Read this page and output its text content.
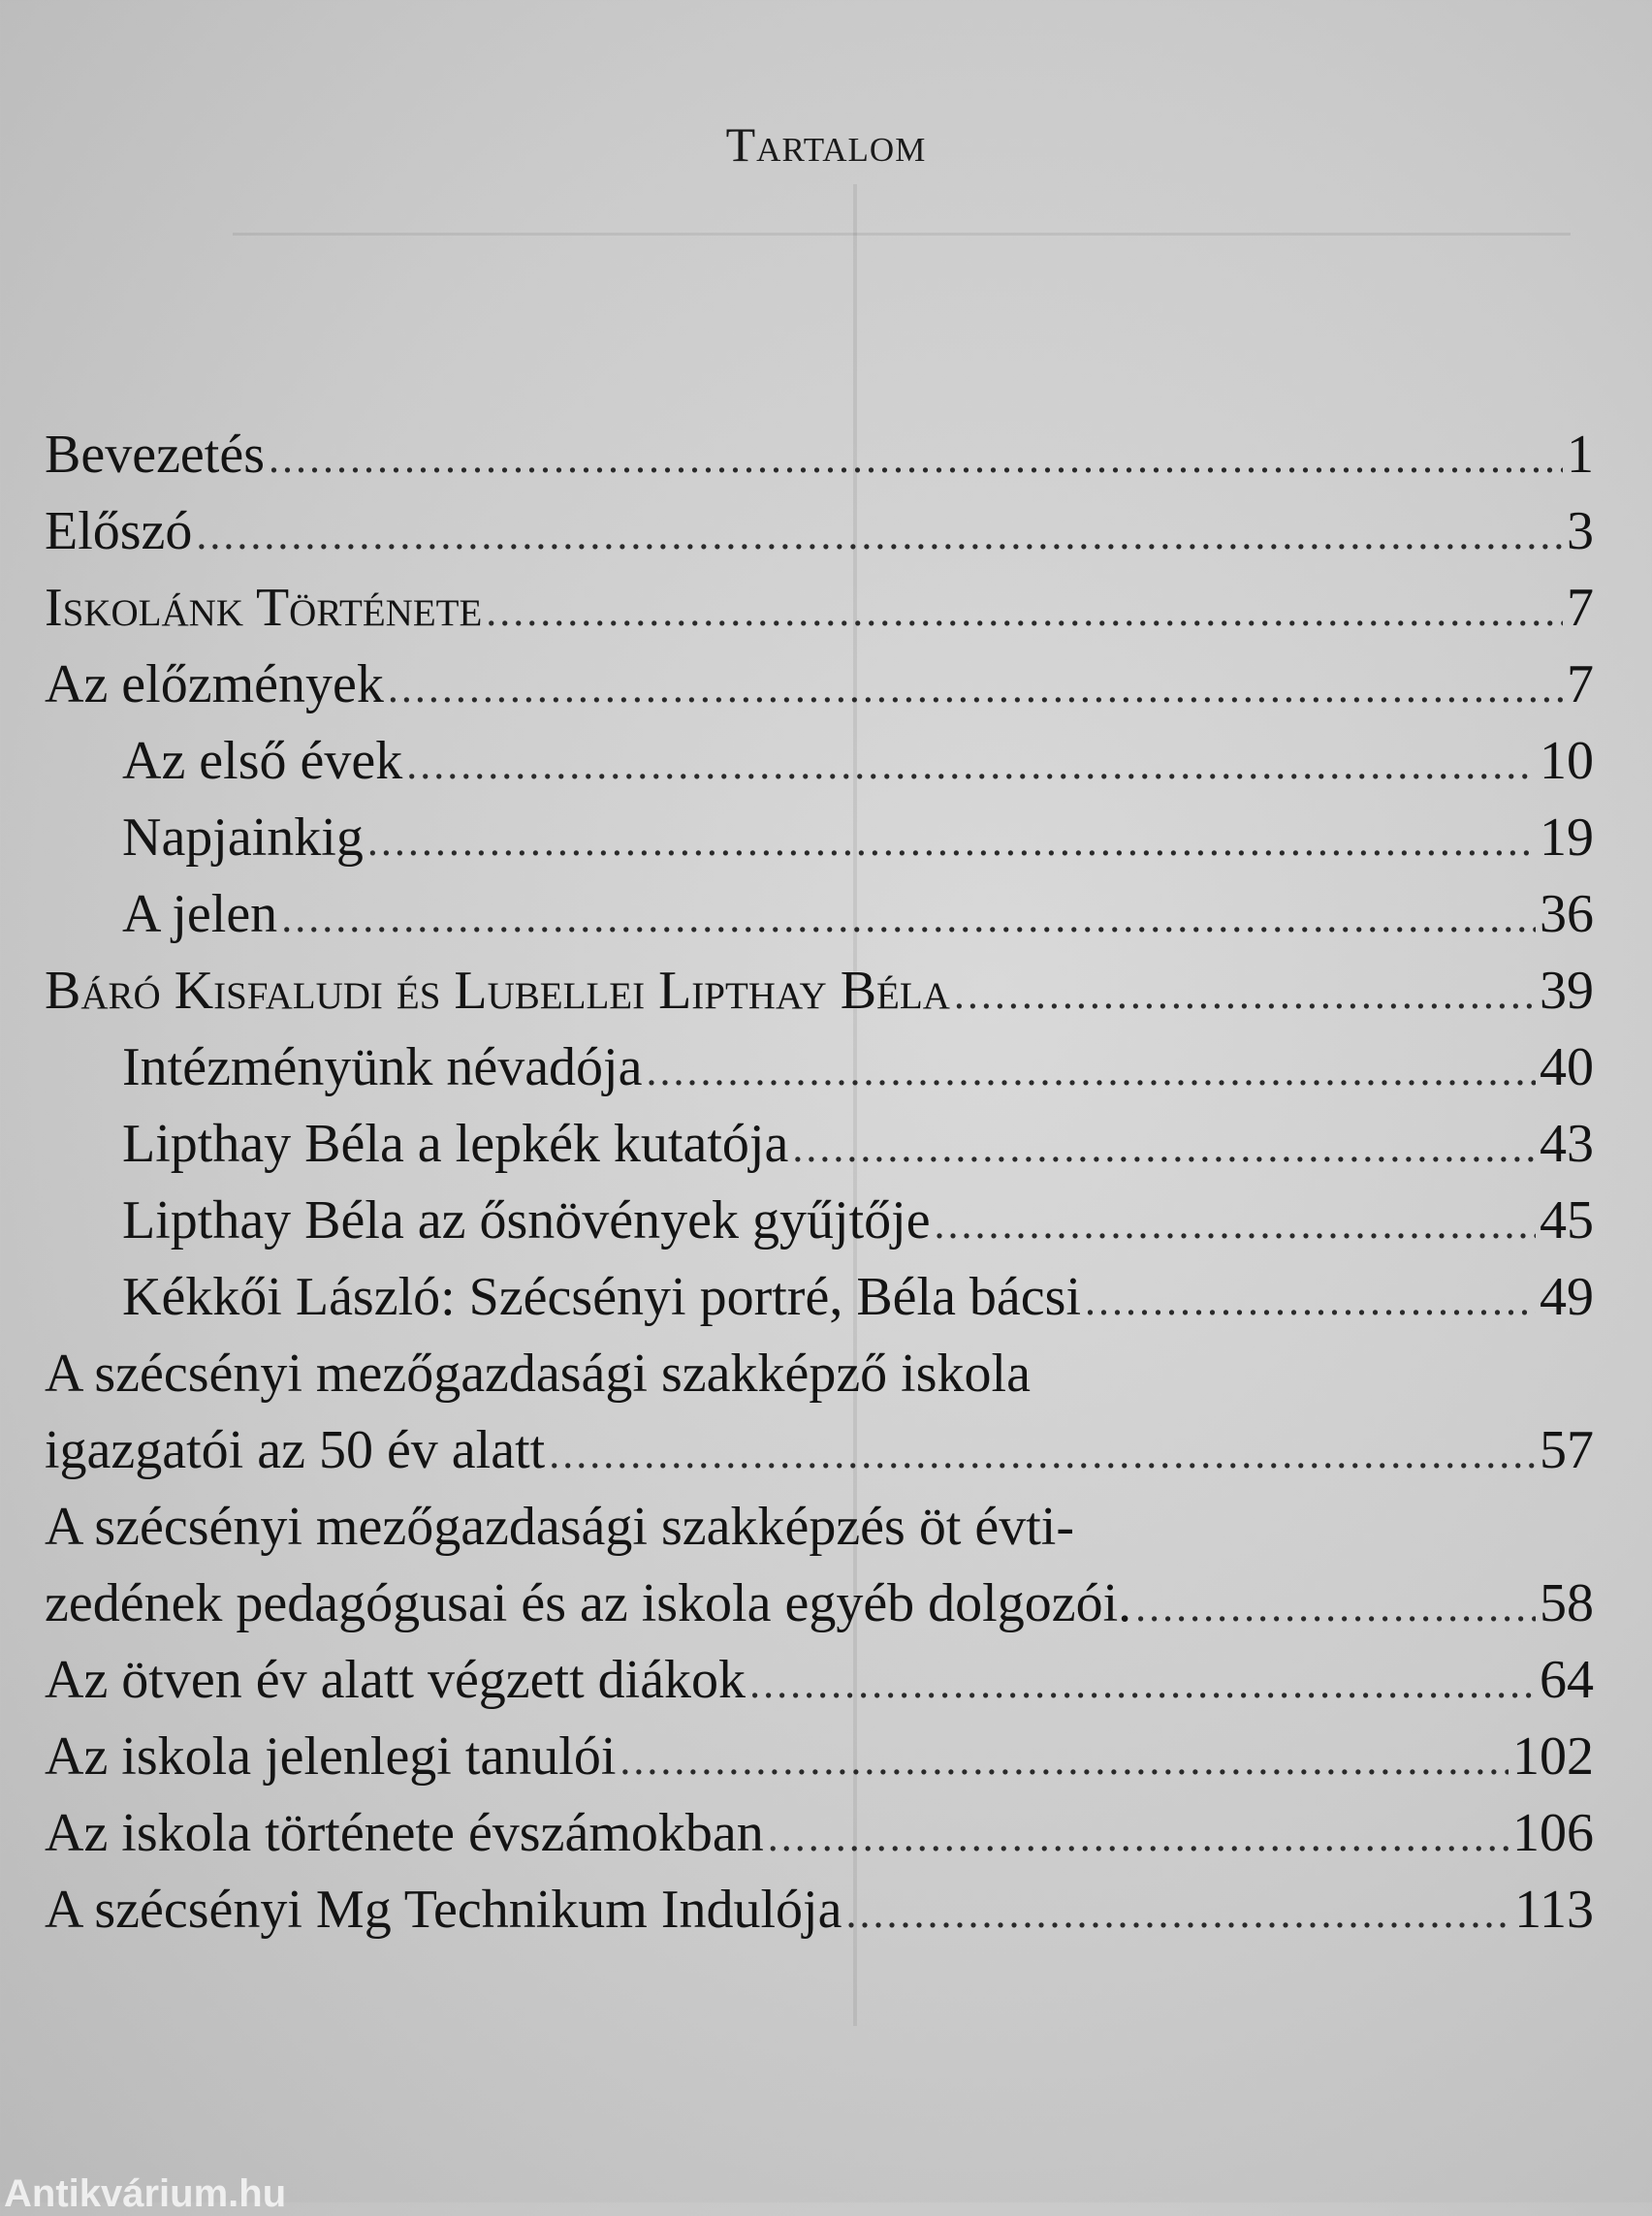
Tartalom
Bevezetés .....	1
Előszó .....	3
Iskolánk Története .....	7
Az előzmények .....	7
Az első évek .....	10
Napjainkig .....	19
A jelen .....	36
Báró Kisfaludi és Lubellei Lipthay Béla .....	39
Intézményünk névadója .....	40
Lipthay Béla a lepkék kutatója .....	43
Lipthay Béla az ősnövények gyűjtője .....	45
Kékkői László: Szécsényi portré, Béla bácsi .....	49
A szécsényi mezőgazdasági szakképző iskola
igazgatói az 50 év alatt .....	57
A szécsényi mezőgazdasági szakképzés öt évti-
zedének pedagógusai és az iskola egyéb dolgozói. .....	58
Az ötven év alatt végzett diákok .....	64
Az iskola jelenlegi tanulói .....	102
Az iskola története évszámokban .....	106
A szécsényi Mg Technikum Indulója .....	113
Antikvárium.hu
